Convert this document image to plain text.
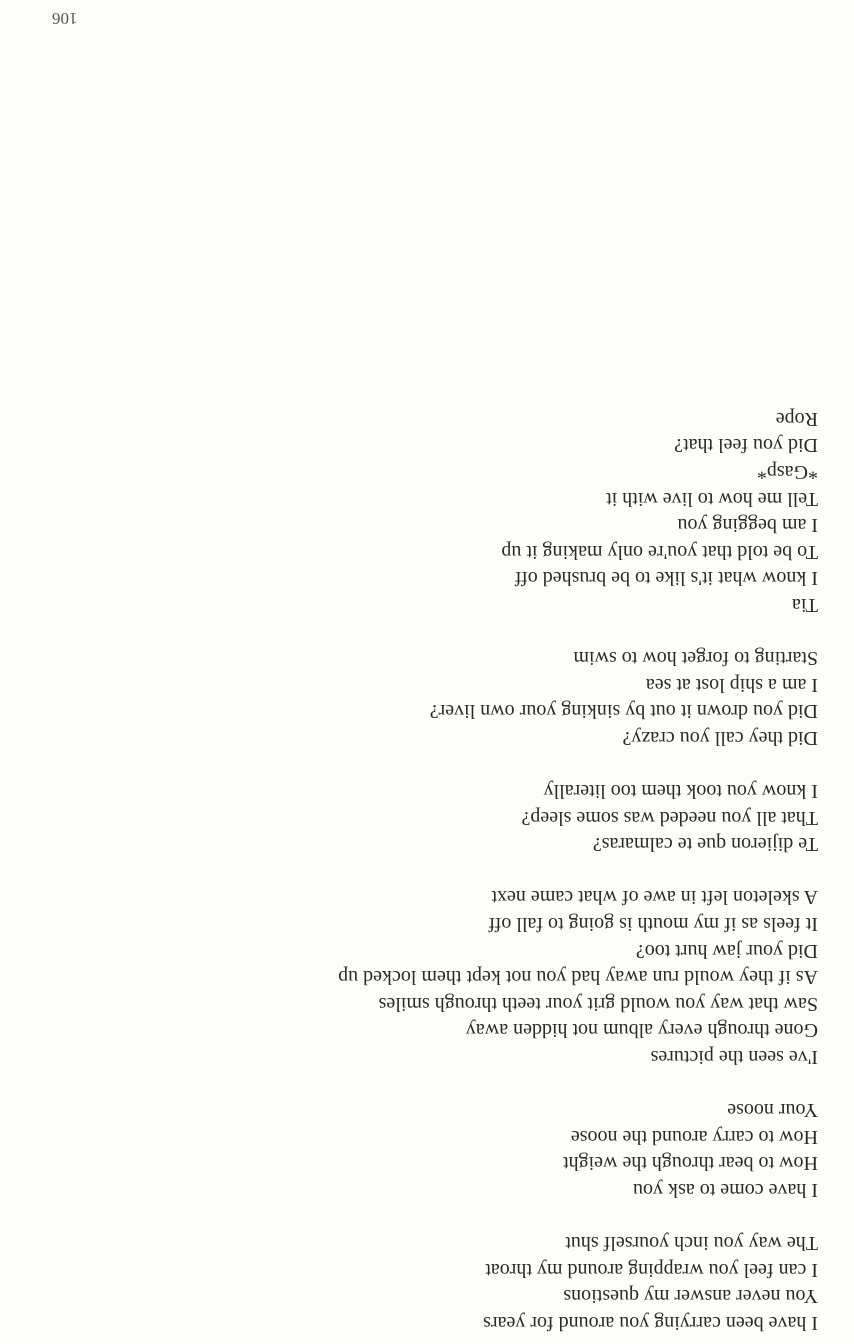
I have been carrying you around for years
You never answer my questions
I can feel you wrapping around my throat
The way you inch yourself shut
I have come to ask you
How to bear through the weight
How to carry around the noose
Your noose
I've seen the pictures
Gone through every album not hidden away
Saw that way you would grit your teeth through smiles
As if they would run away had you not kept them locked up
Did your jaw hurt too?
It feels as if my mouth is going to fall off
A skeleton left in awe of what came next
Te dijieron que te calmaras?
That all you needed was some sleep?
I know you took them too literally
Did they call you crazy?
Did you drown it out by sinking your own liver?
I am a ship lost at sea
Starting to forget how to swim
Tia
I know what it's like to be brushed off
To be told that you're only making it up
I am begging you
Tell me how to live with it
*Gasp*
Did you feel that?
Rope
106
